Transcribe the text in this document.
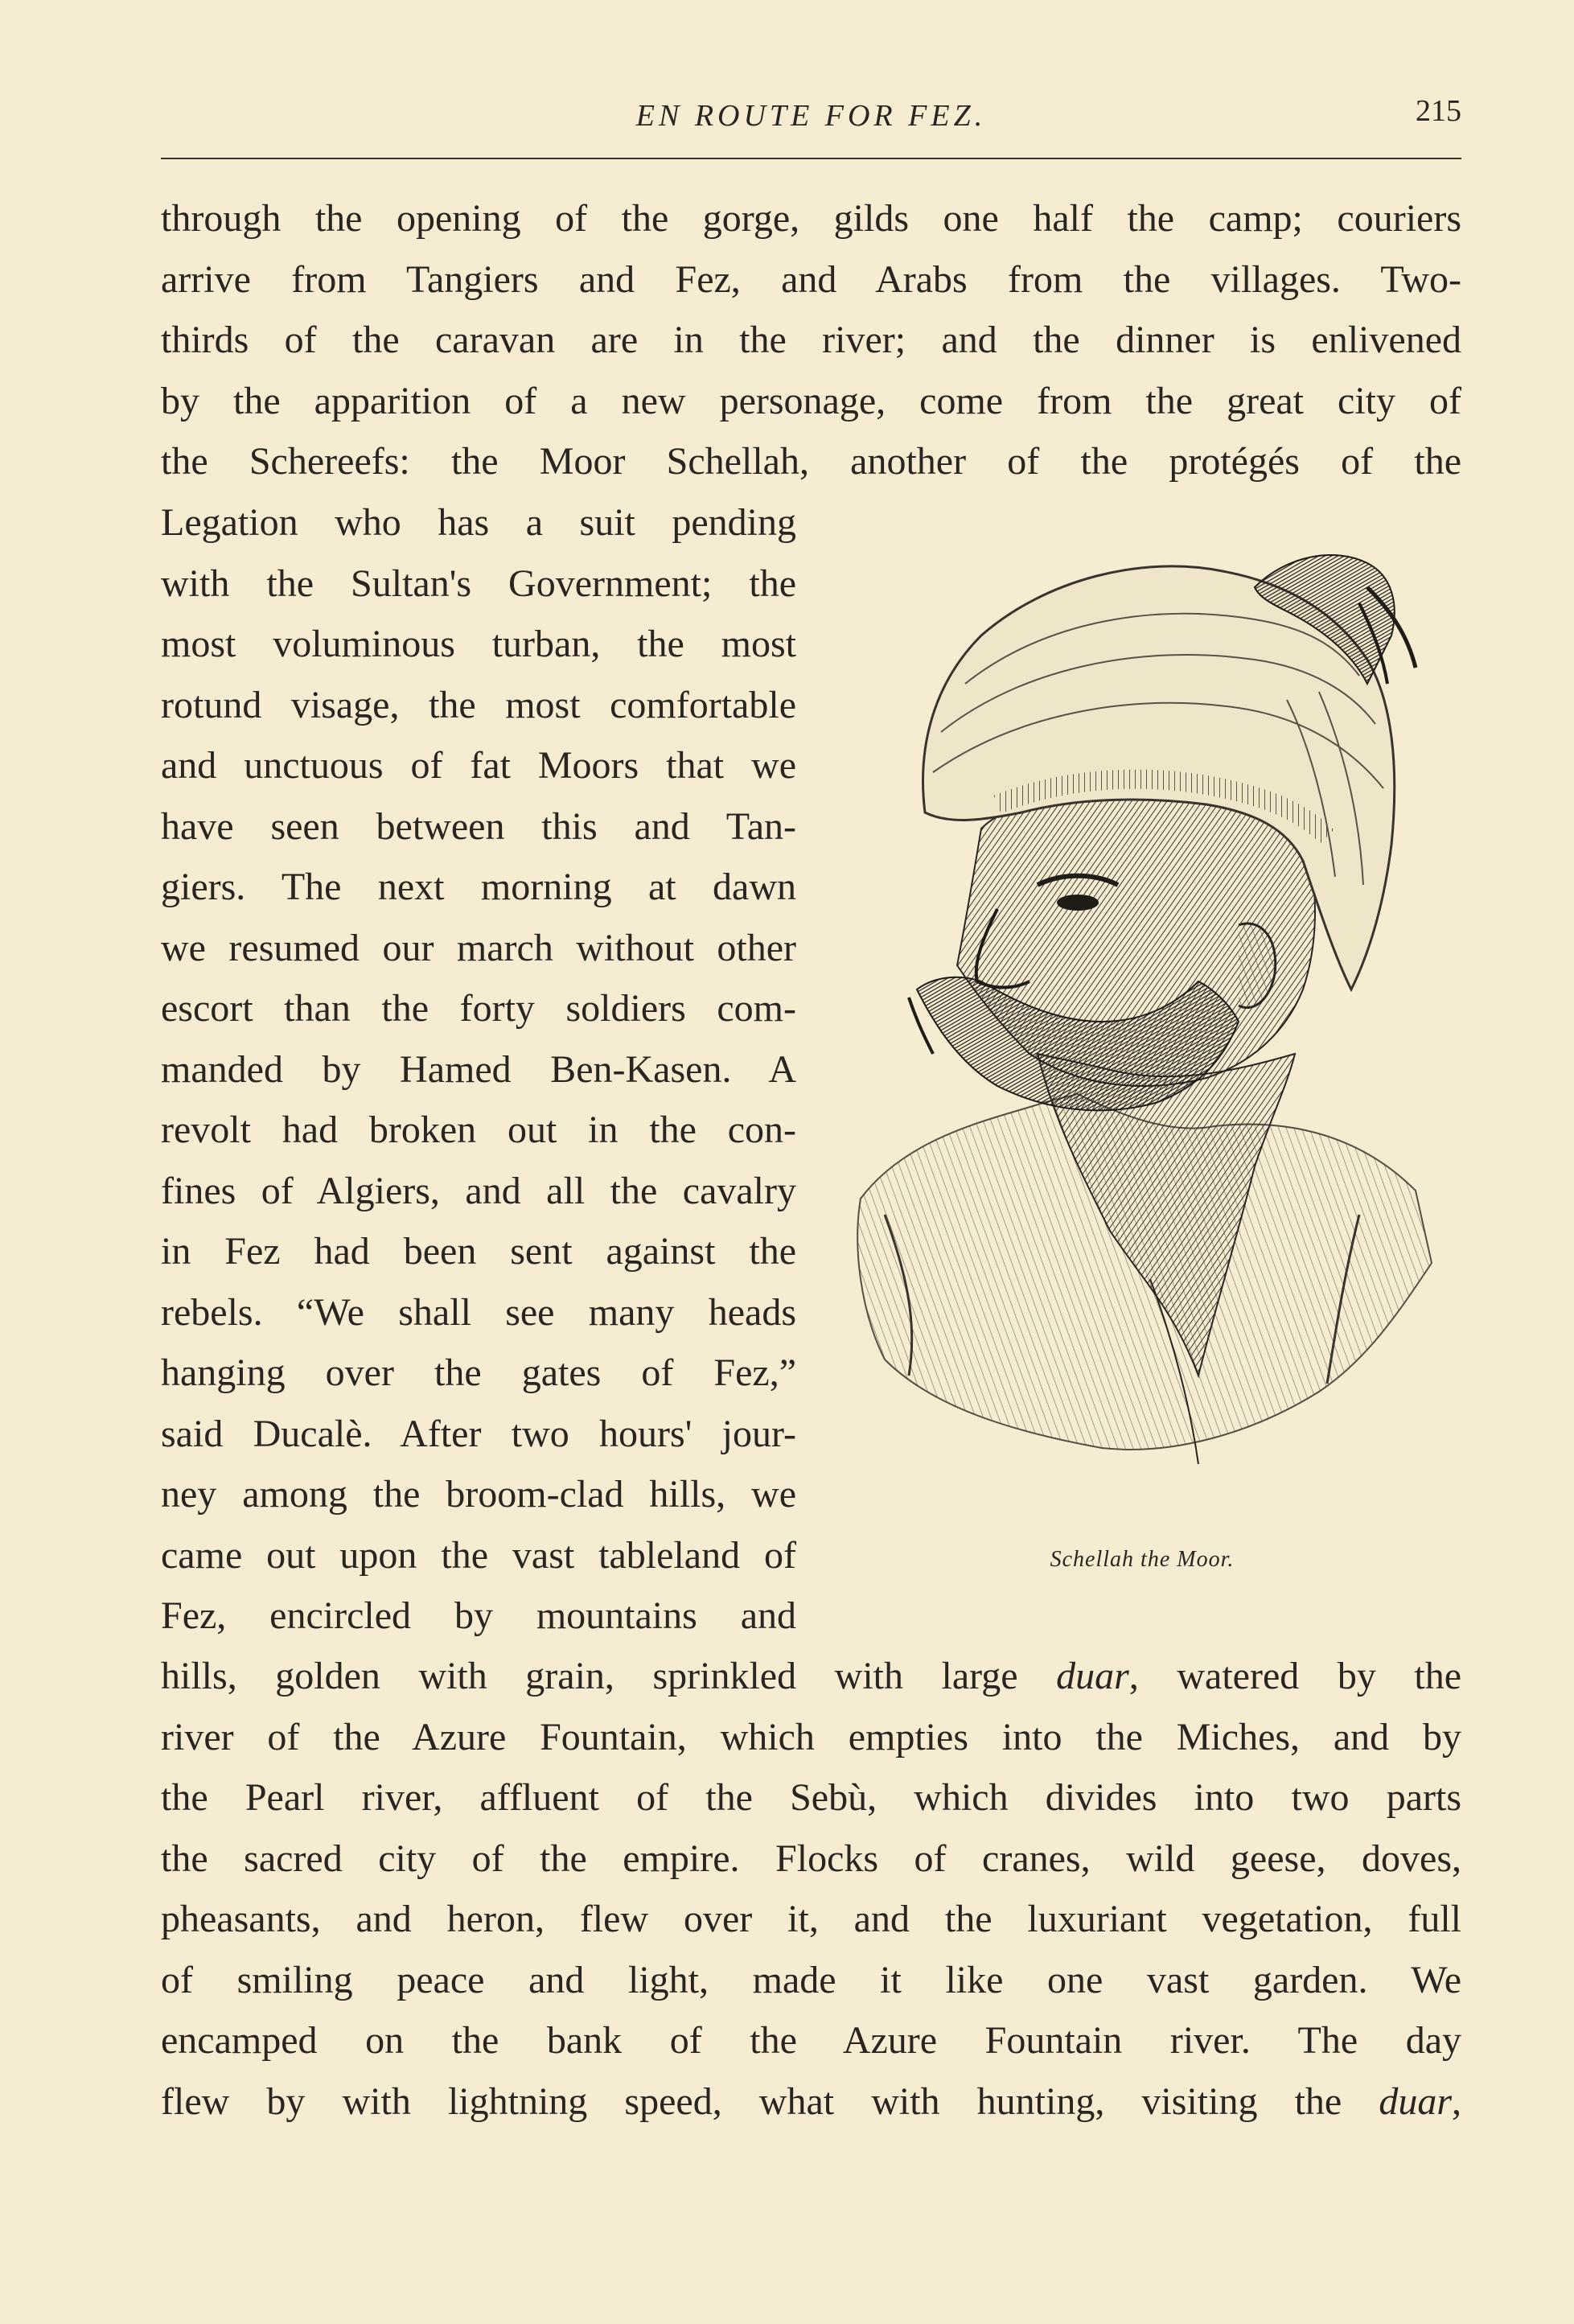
EN ROUTE FOR FEZ.	215

through the opening of the gorge, gilds one half the camp; couriers
arrive from Tangiers and Fez, and Arabs from the villages. Two-
thirds of the caravan are in the river; and the dinner is enlivened
by the apparition of a new personage, come from the great city of
the Schereefs: the Moor Schellah, another of the protégés of the

Legation who has a suit pending
with the Sultan's Government; the
most voluminous turban, the most
rotund visage, the most comfortable
and unctuous of fat Moors that we
have seen between this and Tan-
giers. The next morning at dawn
we resumed our march without other
escort than the forty soldiers com-
manded by Hamed Ben-Kasen. A
revolt had broken out in the con-
fines of Algiers, and all the cavalry
in Fez had been sent against the
rebels. “We shall see many heads
hanging over the gates of Fez,”
said Ducalè. After two hours' jour-
ney among the broom-clad hills, we
came out upon the vast tableland of
Fez, encircled by mountains and

hills, golden with grain, sprinkled with large duar, watered by the
river of the Azure Fountain, which empties into the Miches, and by
the Pearl river, affluent of the Sebù, which divides into two parts
the sacred city of the empire. Flocks of cranes, wild geese, doves,
pheasants, and heron, flew over it, and the luxuriant vegetation, full
of smiling peace and light, made it like one vast garden. We
encamped on the bank of the Azure Fountain river. The day
flew by with lightning speed, what with hunting, visiting the duar,

Schellah the Moor.
